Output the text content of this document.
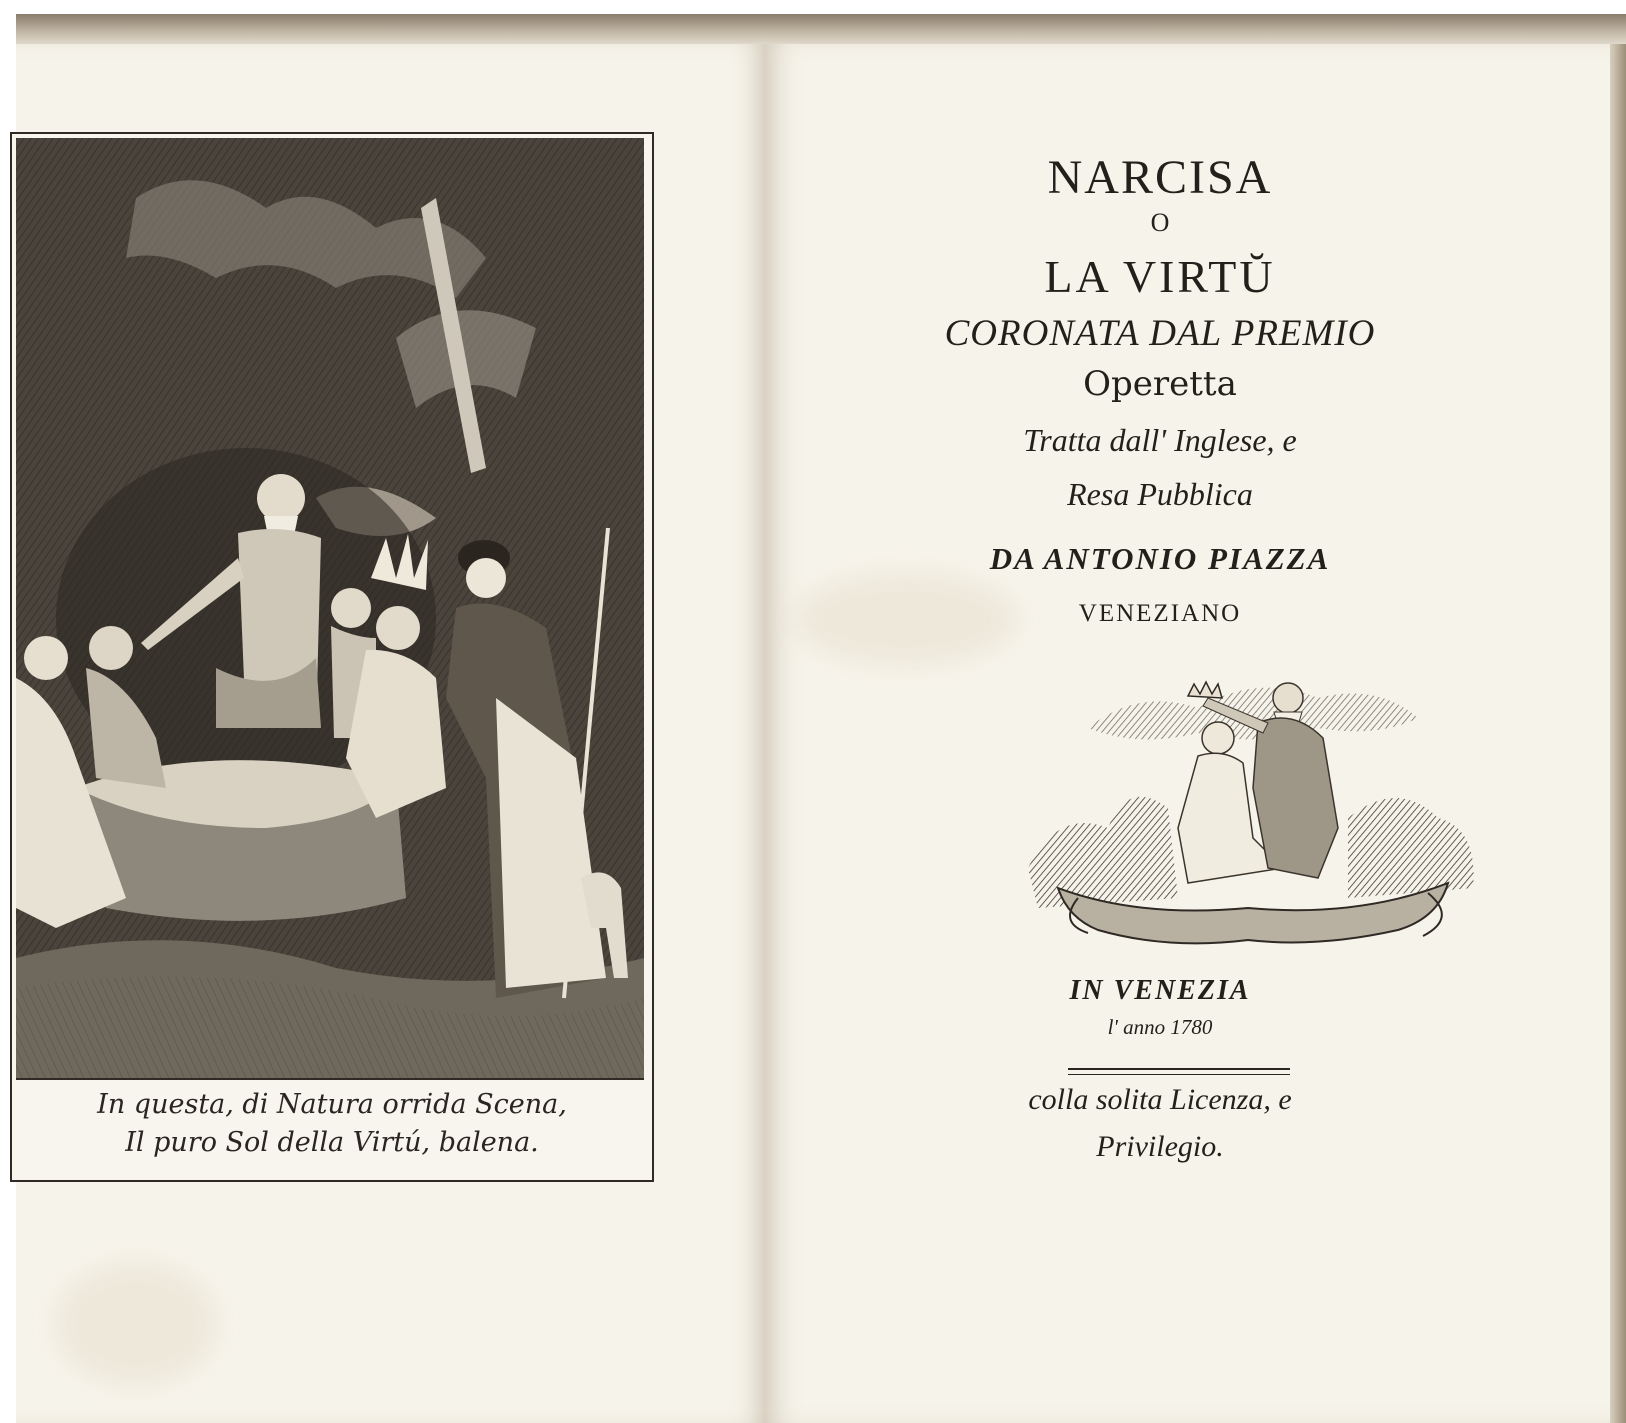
In questa, di Natura orrida Scena,
Il puro Sol della Virtú, balena.
NARCISA
O
LA VIRTŬ
CORONATA DAL PREMIO
Operetta
Tratta dall' Inglese, e
Resa Pubblica
DA ANTONIO PIAZZA
VENEZIANO
IN VENEZIA
l' anno 1780
colla solita Licenza, e
Privilegio.
